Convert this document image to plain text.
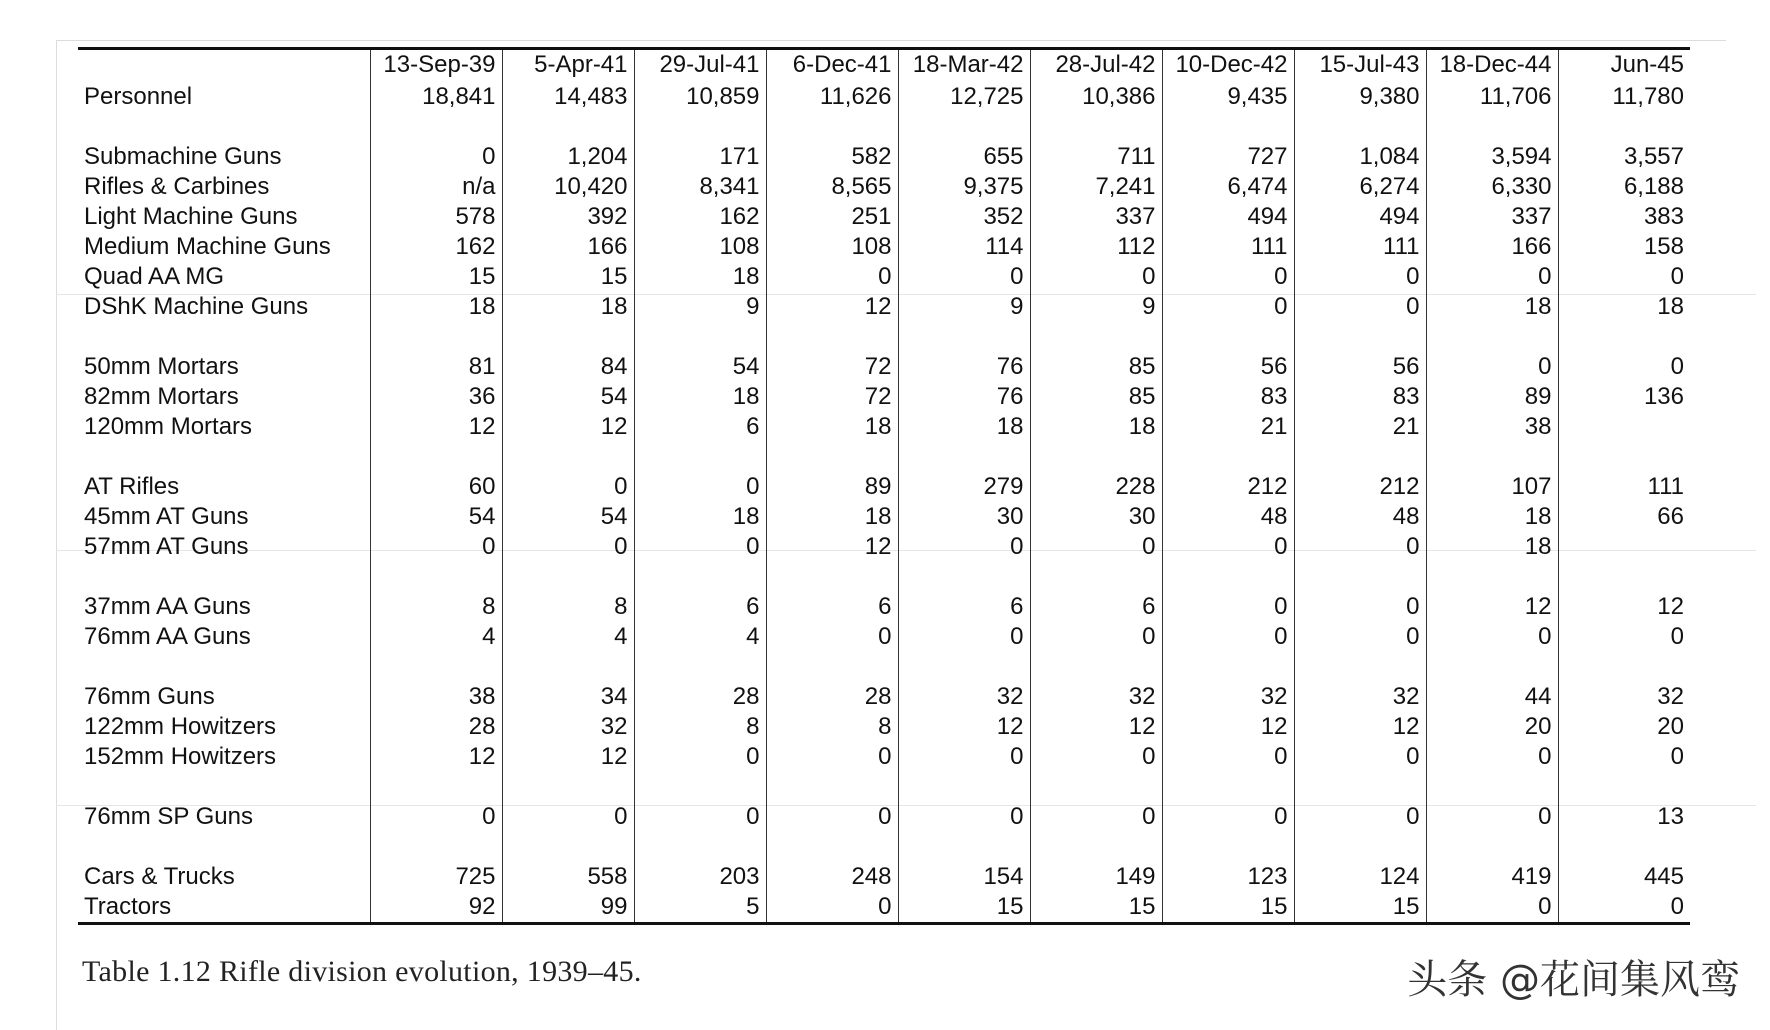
	13-Sep-39	5-Apr-41	29-Jul-41	6-Dec-41	18-Mar-42	28-Jul-42	10-Dec-42	15-Jul-43	18-Dec-44	Jun-45
Personnel	18,841	14,483	10,859	11,626	12,725	10,386	9,435	9,380	11,706	11,780

Submachine Guns	0	1,204	171	582	655	711	727	1,084	3,594	3,557
Rifles & Carbines	n/a	10,420	8,341	8,565	9,375	7,241	6,474	6,274	6,330	6,188
Light Machine Guns	578	392	162	251	352	337	494	494	337	383
Medium Machine Guns	162	166	108	108	114	112	111	111	166	158
Quad AA MG	15	15	18	0	0	0	0	0	0	0
DShK Machine Guns	18	18	9	12	9	9	0	0	18	18

50mm Mortars	81	84	54	72	76	85	56	56	0	0
82mm Mortars	36	54	18	72	76	85	83	83	89	136
120mm Mortars	12	12	6	18	18	18	21	21	38	

AT Rifles	60	0	0	89	279	228	212	212	107	111
45mm AT Guns	54	54	18	18	30	30	48	48	18	66
57mm AT Guns	0	0	0	12	0	0	0	0	18	

37mm AA Guns	8	8	6	6	6	6	0	0	12	12
76mm AA Guns	4	4	4	0	0	0	0	0	0	0

76mm Guns	38	34	28	28	32	32	32	32	44	32
122mm Howitzers	28	32	8	8	12	12	12	12	20	20
152mm Howitzers	12	12	0	0	0	0	0	0	0	0

76mm SP Guns	0	0	0	0	0	0	0	0	0	13

Cars & Trucks	725	558	203	248	154	149	123	124	419	445
Tractors	92	99	5	0	15	15	15	15	0	0
Table 1.12 Rifle division evolution, 1939–45.	头条 @花间集风鸾
